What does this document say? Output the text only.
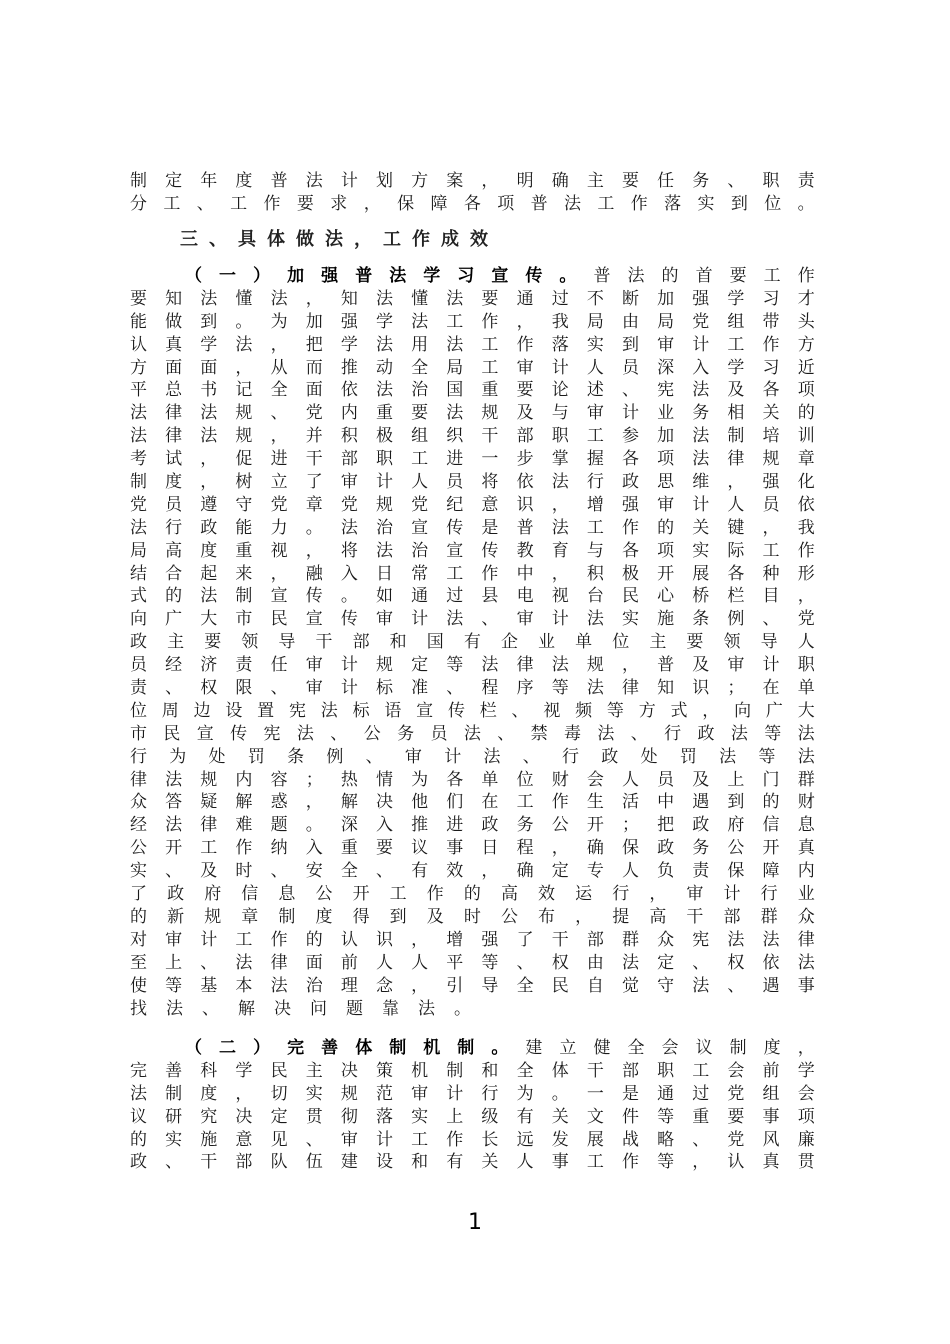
制定年度普法计划方案，明确主要任务、职责
分工、工作要求，保障各项普法工作落实到位。
三、具体做法，工作成效
（一）加强普法学习宣传。普法的首要工作
要知法懂法，知法懂法要通过不断加强学习才
能做到。为加强学法工作，我局由局党组带头
认真学法，把学法用法工作落实到审计工作方
方面面，从而推动全局工审计人员深入学习近
平总书记全面依法治国重要论述、宪法及各项
法律法规、党内重要法规及与审计业务相关的
法律法规，并积极组织干部职工参加法制培训
考试，促进干部职工进一步掌握各项法律规章
制度，树立了审计人员将依法行政思维，强化
党员遵守党章党规党纪意识，增强审计人员依
法行政能力。法治宣传是普法工作的关键，我
局高度重视，将法治宣传教育与各项实际工作
结合起来，融入日常工作中，积极开展各种形
式的法制宣传。如通过县电视台民心桥栏目，
向广大市民宣传审计法、审计法实施条例、党
政主要领导干部和国有企业单位主要领导人
员经济责任审计规定等法律法规，普及审计职
责、权限、审计标准、程序等法律知识；在单
位周边设置宪法标语宣传栏、视频等方式，向广大
市民宣传宪法、公务员法、禁毒法、行政法等法
行为处罚条例、审计法、行政处罚法等法
律法规内容；热情为各单位财会人员及上门群
众答疑解惑，解决他们在工作生活中遇到的财
经法律难题。深入推进政务公开；把政府信息
公开工作纳入重要议事日程，确保政务公开真
实、及时、安全、有效，确定专人负责保障内
了政府信息公开工作的高效运行，审计行业
的新规章制度得到及时公布，提高干部群众
对审计工作的认识，增强了干部群众宪法法律
至上、法律面前人人平等、权由法定、权依法
使等基本法治理念，引导全民自觉守法、遇事
找法、解决问题靠法。
（二）完善体制机制。建立健全会议制度，
完善科学民主决策机制和全体干部职工会前学
法制度，切实规范审计行为。一是通过党组会
议研究决定贯彻落实上级有关文件等重要事项
的实施意见、审计工作长远发展战略、党风廉
政、干部队伍建设和有关人事工作等，认真贯
1
